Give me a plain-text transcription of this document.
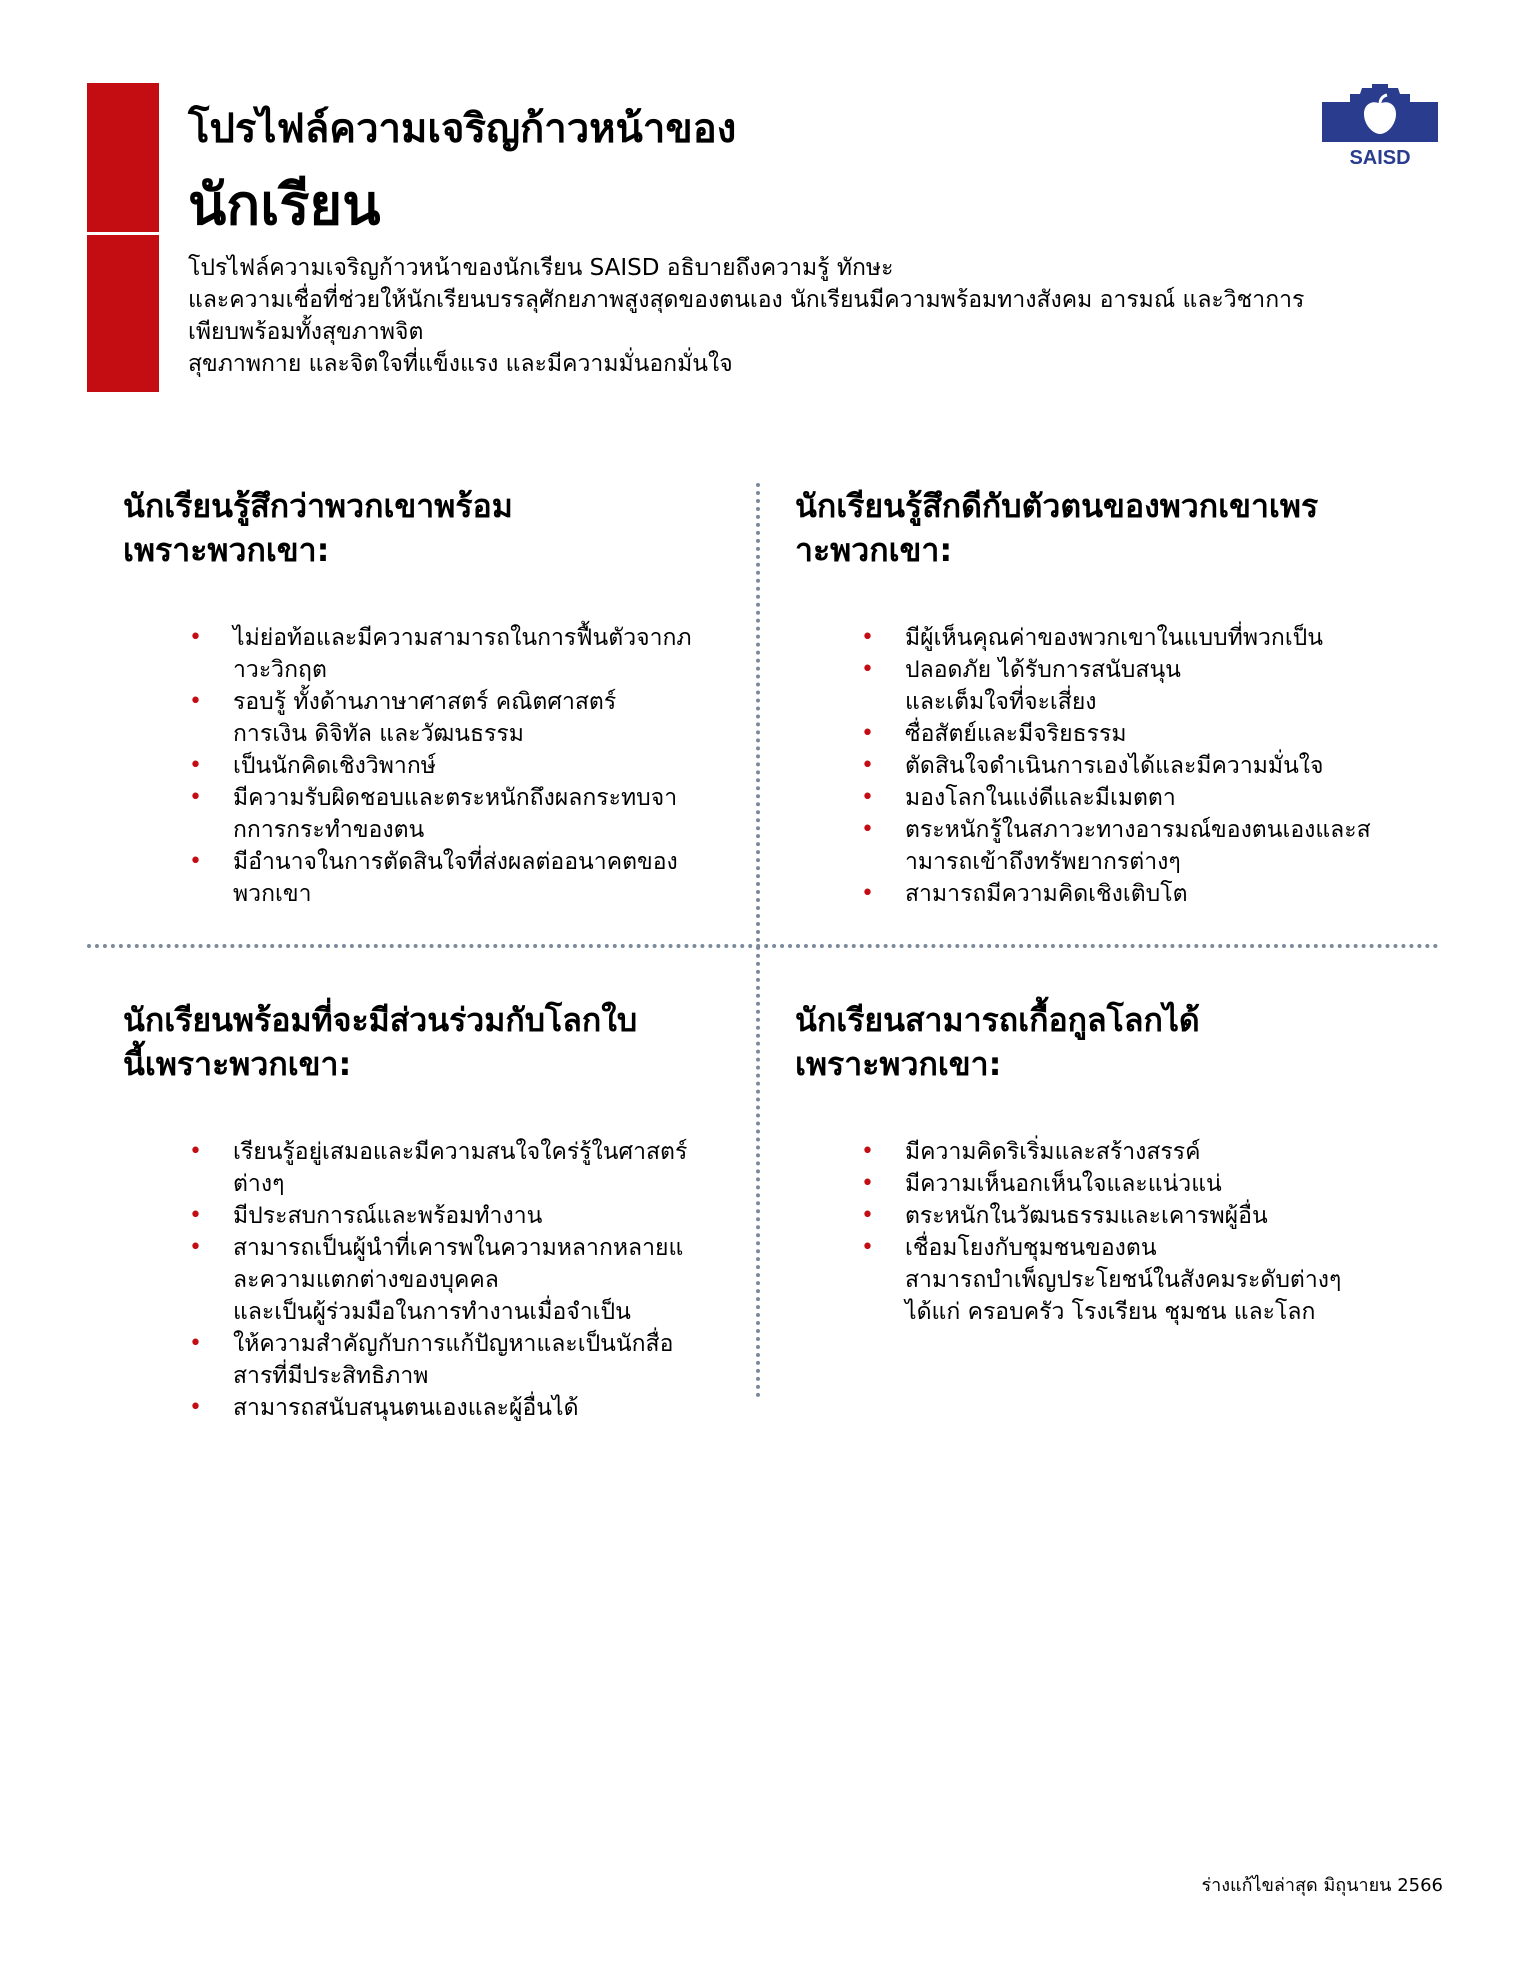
โปรไฟล์ความเจริญก้าวหน้าของ
นักเรียน
SAISD
โปรไฟล์ความเจริญก้าวหน้าของนักเรียน SAISD อธิบายถึงความรู้ ทักษะ
และความเชื่อที่ช่วยให้นักเรียนบรรลุศักยภาพสูงสุดของตนเอง นักเรียนมีความพร้อมทางสังคม อารมณ์ และวิชาการ
เพียบพร้อมทั้งสุขภาพจิต
สุขภาพกาย และจิตใจที่แข็งแรง และมีความมั่นอกมั่นใจ
นักเรียนรู้สึกว่าพวกเขาพร้อม
เพราะพวกเขา:
• ไม่ย่อท้อและมีความสามารถในการฟื้นตัวจากภ
าวะวิกฤต
• รอบรู้ ทั้งด้านภาษาศาสตร์ คณิตศาสตร์
การเงิน ดิจิทัล และวัฒนธรรม
• เป็นนักคิดเชิงวิพากษ์
• มีความรับผิดชอบและตระหนักถึงผลกระทบจา
กการกระทำของตน
• มีอำนาจในการตัดสินใจที่ส่งผลต่ออนาคตของ
พวกเขา
นักเรียนรู้สึกดีกับตัวตนของพวกเขาเพร
าะพวกเขา:
• มีผู้เห็นคุณค่าของพวกเขาในแบบที่พวกเป็น
• ปลอดภัย ได้รับการสนับสนุน
และเต็มใจที่จะเสี่ยง
• ซื่อสัตย์และมีจริยธรรม
• ตัดสินใจดำเนินการเองได้และมีความมั่นใจ
• มองโลกในแง่ดีและมีเมตตา
• ตระหนักรู้ในสภาวะทางอารมณ์ของตนเองและส
ามารถเข้าถึงทรัพยากรต่างๆ
• สามารถมีความคิดเชิงเติบโต
นักเรียนพร้อมที่จะมีส่วนร่วมกับโลกใบ
นี้เพราะพวกเขา:
• เรียนรู้อยู่เสมอและมีความสนใจใคร่รู้ในศาสตร์
ต่างๆ
• มีประสบการณ์และพร้อมทำงาน
• สามารถเป็นผู้นำที่เคารพในความหลากหลายแ
ละความแตกต่างของบุคคล
และเป็นผู้ร่วมมือในการทำงานเมื่อจำเป็น
• ให้ความสำคัญกับการแก้ปัญหาและเป็นนักสื่อ
สารที่มีประสิทธิภาพ
• สามารถสนับสนุนตนเองและผู้อื่นได้
นักเรียนสามารถเกื้อกูลโลกได้
เพราะพวกเขา:
• มีความคิดริเริ่มและสร้างสรรค์
• มีความเห็นอกเห็นใจและแน่วแน่
• ตระหนักในวัฒนธรรมและเคารพผู้อื่น
• เชื่อมโยงกับชุมชนของตน
สามารถบำเพ็ญประโยชน์ในสังคมระดับต่างๆ
ได้แก่ ครอบครัว โรงเรียน ชุมชน และโลก
ร่างแก้ไขล่าสุด มิถุนายน 2566
